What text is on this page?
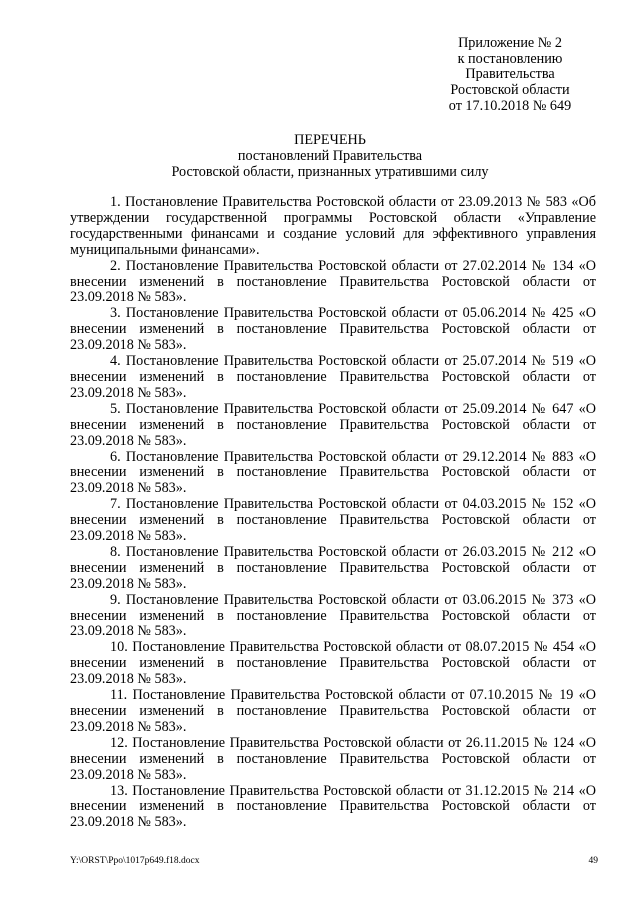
Приложение № 2
к постановлению
Правительства
Ростовской области
от 17.10.2018 № 649
ПЕРЕЧЕНЬ
постановлений Правительства
Ростовской области, признанных утратившими силу

1. Постановление Правительства Ростовской области от 23.09.2013 № 583 «Об утверждении государственной программы Ростовской области «Управление государственными финансами и создание условий для эффективного управления муниципальными финансами».

2. Постановление Правительства Ростовской области от 27.02.2014 № 134 «О внесении изменений в постановление Правительства Ростовской области от 23.09.2018 № 583».

3. Постановление Правительства Ростовской области от 05.06.2014 № 425 «О внесении изменений в постановление Правительства Ростовской области от 23.09.2018 № 583».

4. Постановление Правительства Ростовской области от 25.07.2014 № 519 «О внесении изменений в постановление Правительства Ростовской области от 23.09.2018 № 583».

5. Постановление Правительства Ростовской области от 25.09.2014 № 647 «О внесении изменений в постановление Правительства Ростовской области от 23.09.2018 № 583».

6. Постановление Правительства Ростовской области от 29.12.2014 № 883 «О внесении изменений в постановление Правительства Ростовской области от 23.09.2018 № 583».

7. Постановление Правительства Ростовской области от 04.03.2015 № 152 «О внесении изменений в постановление Правительства Ростовской области от 23.09.2018 № 583».

8. Постановление Правительства Ростовской области от 26.03.2015 № 212 «О внесении изменений в постановление Правительства Ростовской области от 23.09.2018 № 583».

9. Постановление Правительства Ростовской области от 03.06.2015 № 373 «О внесении изменений в постановление Правительства Ростовской области от 23.09.2018 № 583».

10. Постановление Правительства Ростовской области от 08.07.2015 № 454 «О внесении изменений в постановление Правительства Ростовской области от 23.09.2018 № 583».

11. Постановление Правительства Ростовской области от 07.10.2015 № 19 «О внесении изменений в постановление Правительства Ростовской области от 23.09.2018 № 583».

12. Постановление Правительства Ростовской области от 26.11.2015 № 124 «О внесении изменений в постановление Правительства Ростовской области от 23.09.2018 № 583».

13. Постановление Правительства Ростовской области от 31.12.2015 № 214 «О внесении изменений в постановление Правительства Ростовской области от 23.09.2018 № 583».

Y:\ORST\Ppo\1017p649.f18.docx	49
